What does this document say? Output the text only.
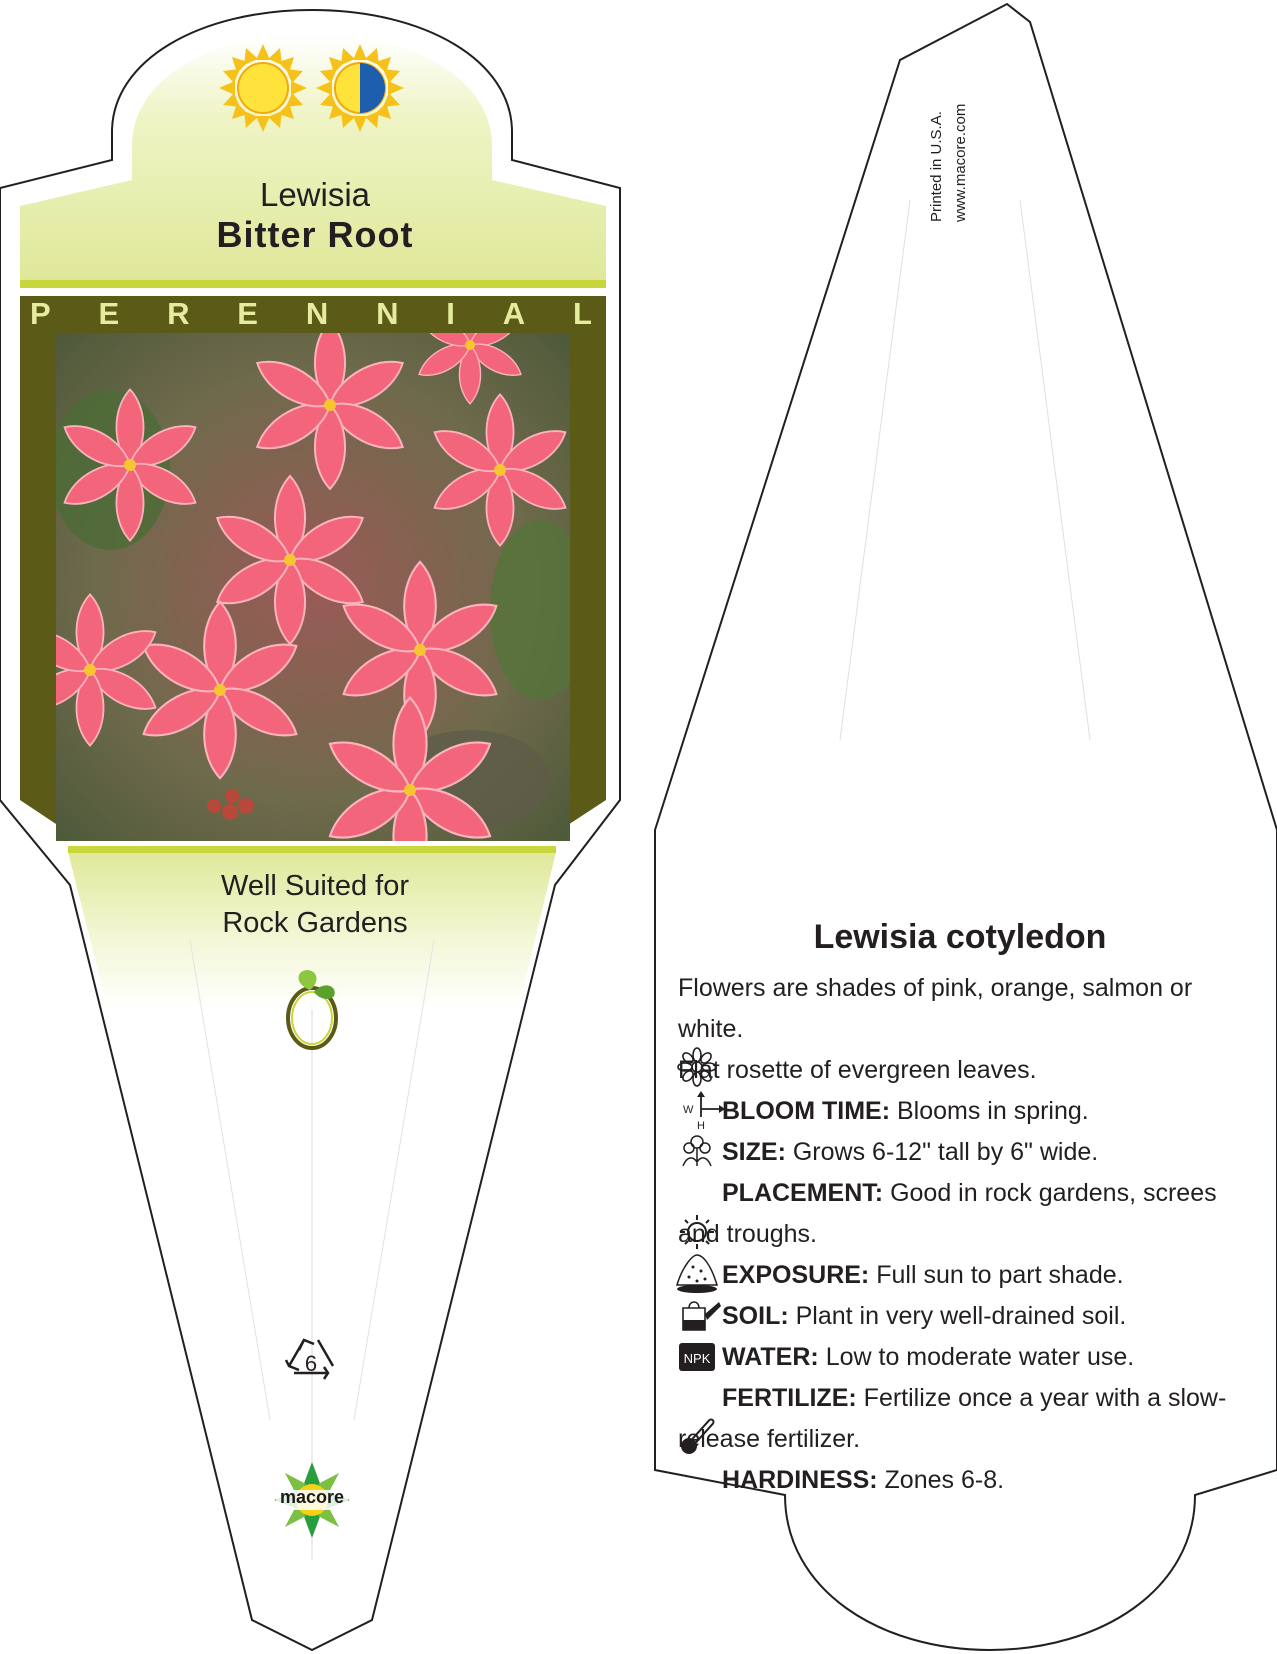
W
H
NPK
Lewisia
Bitter Root
P E R E N N I A L
Well Suited for
Rock Gardens
6
macore
Printed in U.S.A. www.macore.com
Lewisia cotyledon

Flowers are shades of pink, orange, salmon or white.

Flat rosette of evergreen leaves.

BLOOM TIME: Blooms in spring.
SIZE: Grows 6-12" tall by 6" wide.
PLACEMENT: Good in rock gardens, screes and troughs.
EXPOSURE: Full sun to part shade.
SOIL: Plant in very well-drained soil.
WATER: Low to moderate water use.
FERTILIZE: Fertilize once a year with a slow-release fertilizer.
HARDINESS: Zones 6-8.
